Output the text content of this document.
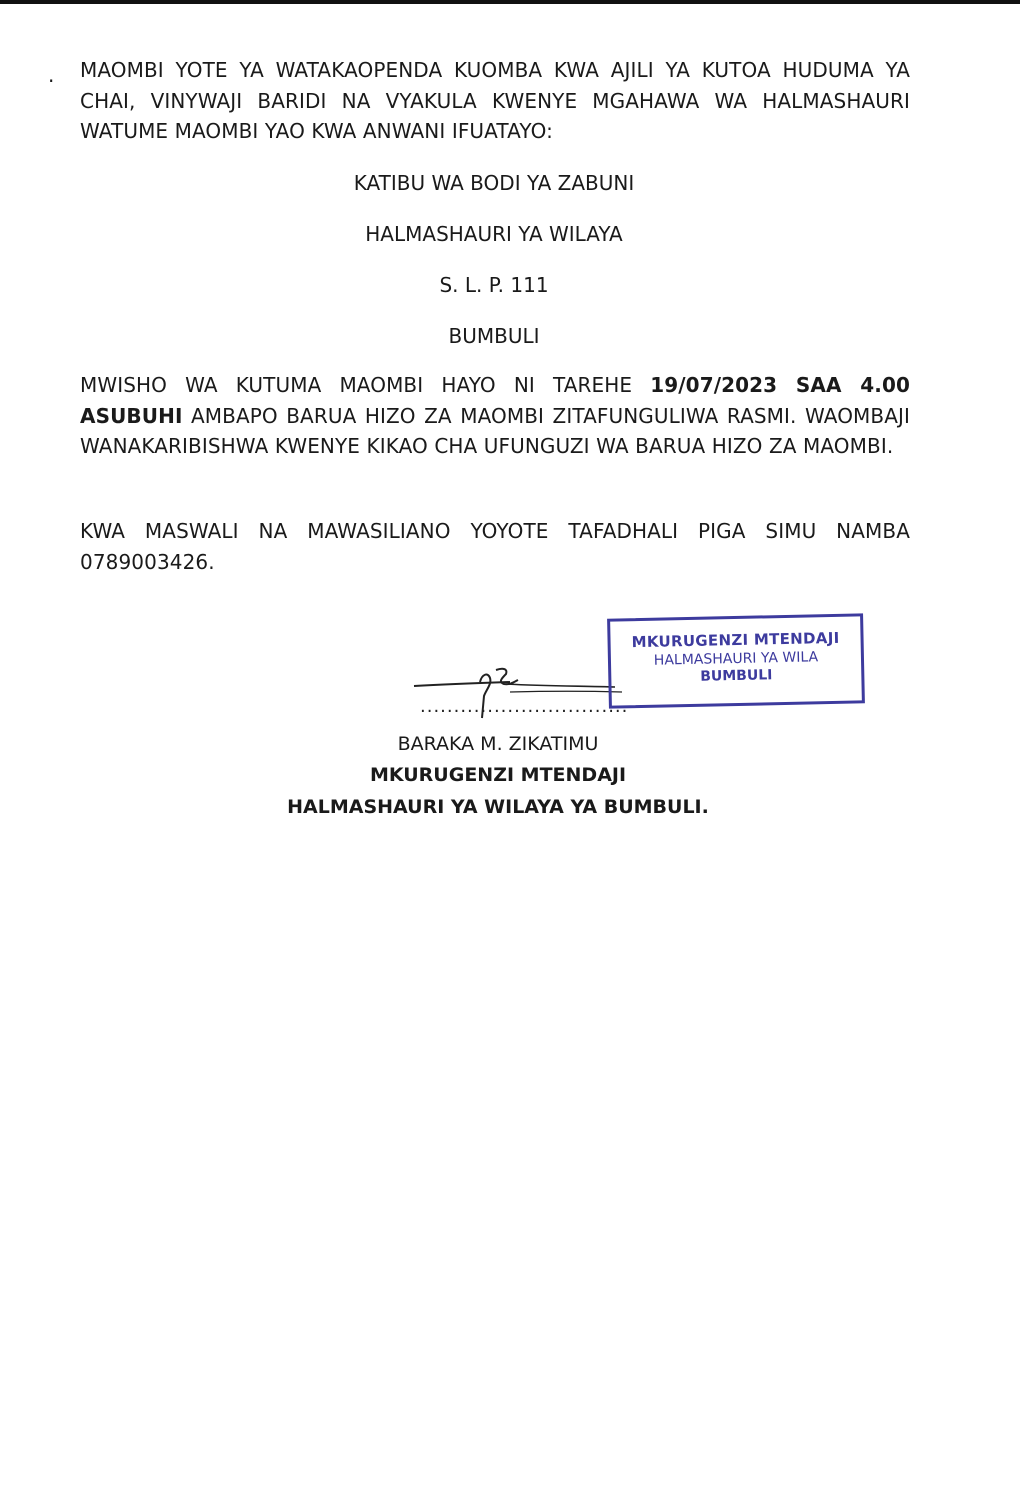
. MAOMBI YOTE YA WATAKAOPENDA KUOMBA KWA AJILI YA KUTOA HUDUMA YA CHAI, VINYWAJI BARIDI NA VYAKULA KWENYE MGAHAWA WA HALMASHAURI WATUME MAOMBI YAO KWA ANWANI IFUATAYO:

KATIBU WA BODI YA ZABUNI
HALMASHAURI YA WILAYA
S. L. P. 111
BUMBULI

MWISHO WA KUTUMA MAOMBI HAYO NI TAREHE 19/07/2023 SAA 4.00 ASUBUHI AMBAPO BARUA HIZO ZA MAOMBI ZITAFUNGULIWA RASMI. WAOMBAJI WANAKARIBISHWA KWENYE KIKAO CHA UFUNGUZI WA BARUA HIZO ZA MAOMBI.

KWA MASWALI NA MAWASILIANO YOYOTE TAFADHALI PIGA SIMU NAMBA 0789003426.

...............................
MKURUGENZI MTENDAJI
HALMASHAURI YA WILA
BUMBULI
BARAKA M. ZIKATIMU
MKURUGENZI MTENDAJI
HALMASHAURI YA WILAYA YA BUMBULI.
